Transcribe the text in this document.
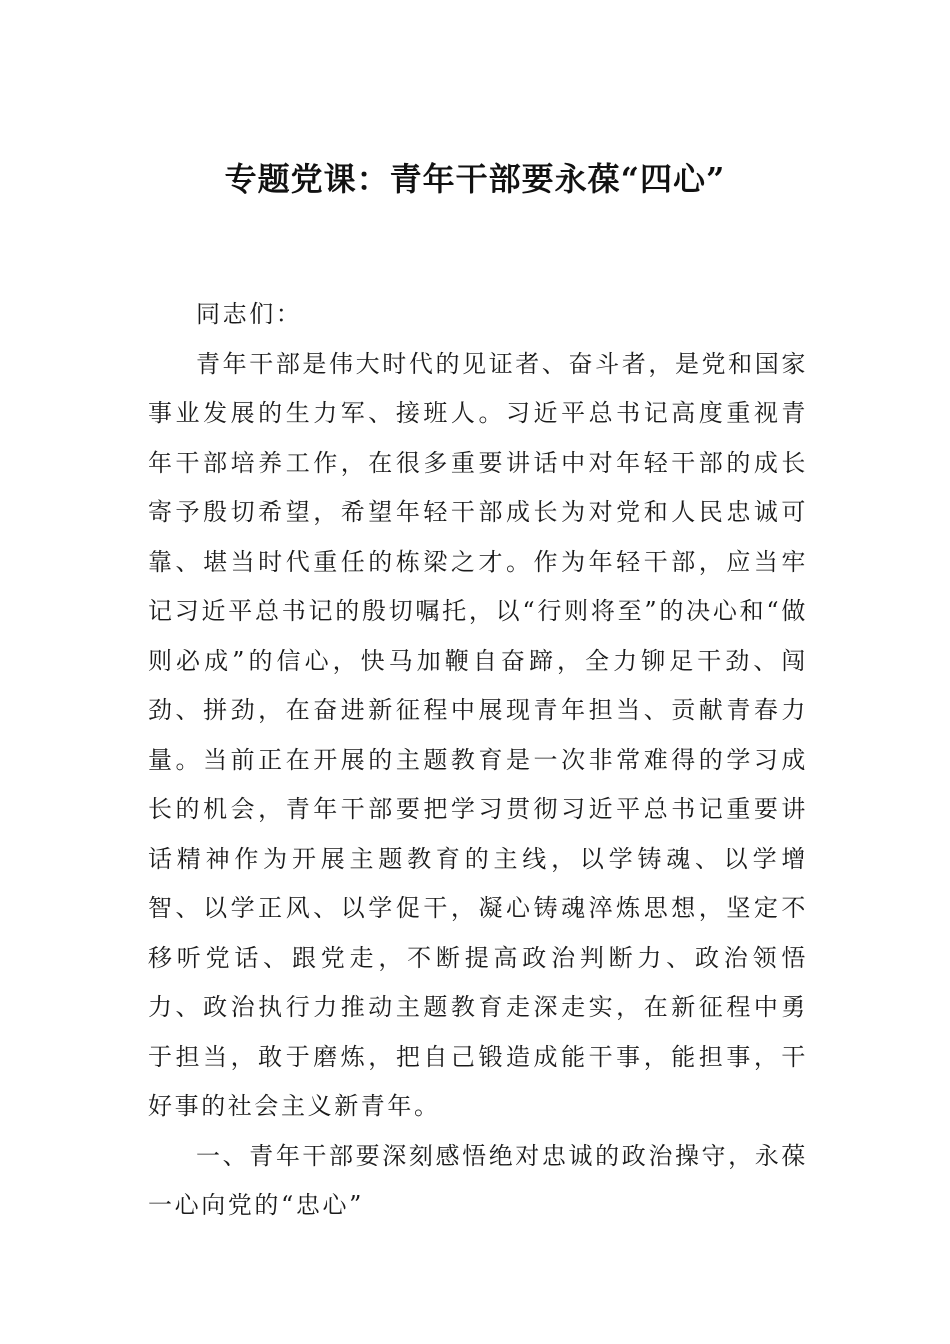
专题党课：青年干部要永葆“四心”

同志们：

青年干部是伟大时代的见证者、奋斗者，是党和国家事业发展的生力军、接班人。习近平总书记高度重视青年干部培养工作，在很多重要讲话中对年轻干部的成长寄予殷切希望，希望年轻干部成长为对党和人民忠诚可靠、堪当时代重任的栋梁之才。作为年轻干部，应当牢记习近平总书记的殷切嘱托，以“行则将至”的决心和“做则必成”的信心，快马加鞭自奋蹄，全力铆足干劲、闯劲、拼劲，在奋进新征程中展现青年担当、贡献青春力量。当前正在开展的主题教育是一次非常难得的学习成长的机会，青年干部要把学习贯彻习近平总书记重要讲话精神作为开展主题教育的主线，以学铸魂、以学增智、以学正风、以学促干，凝心铸魂淬炼思想，坚定不移听党话、跟党走，不断提高政治判断力、政治领悟力、政治执行力推动主题教育走深走实，在新征程中勇于担当，敢于磨炼，把自己锻造成能干事，能担事，干好事的社会主义新青年。

一、青年干部要深刻感悟绝对忠诚的政治操守，永葆一心向党的“忠心”
